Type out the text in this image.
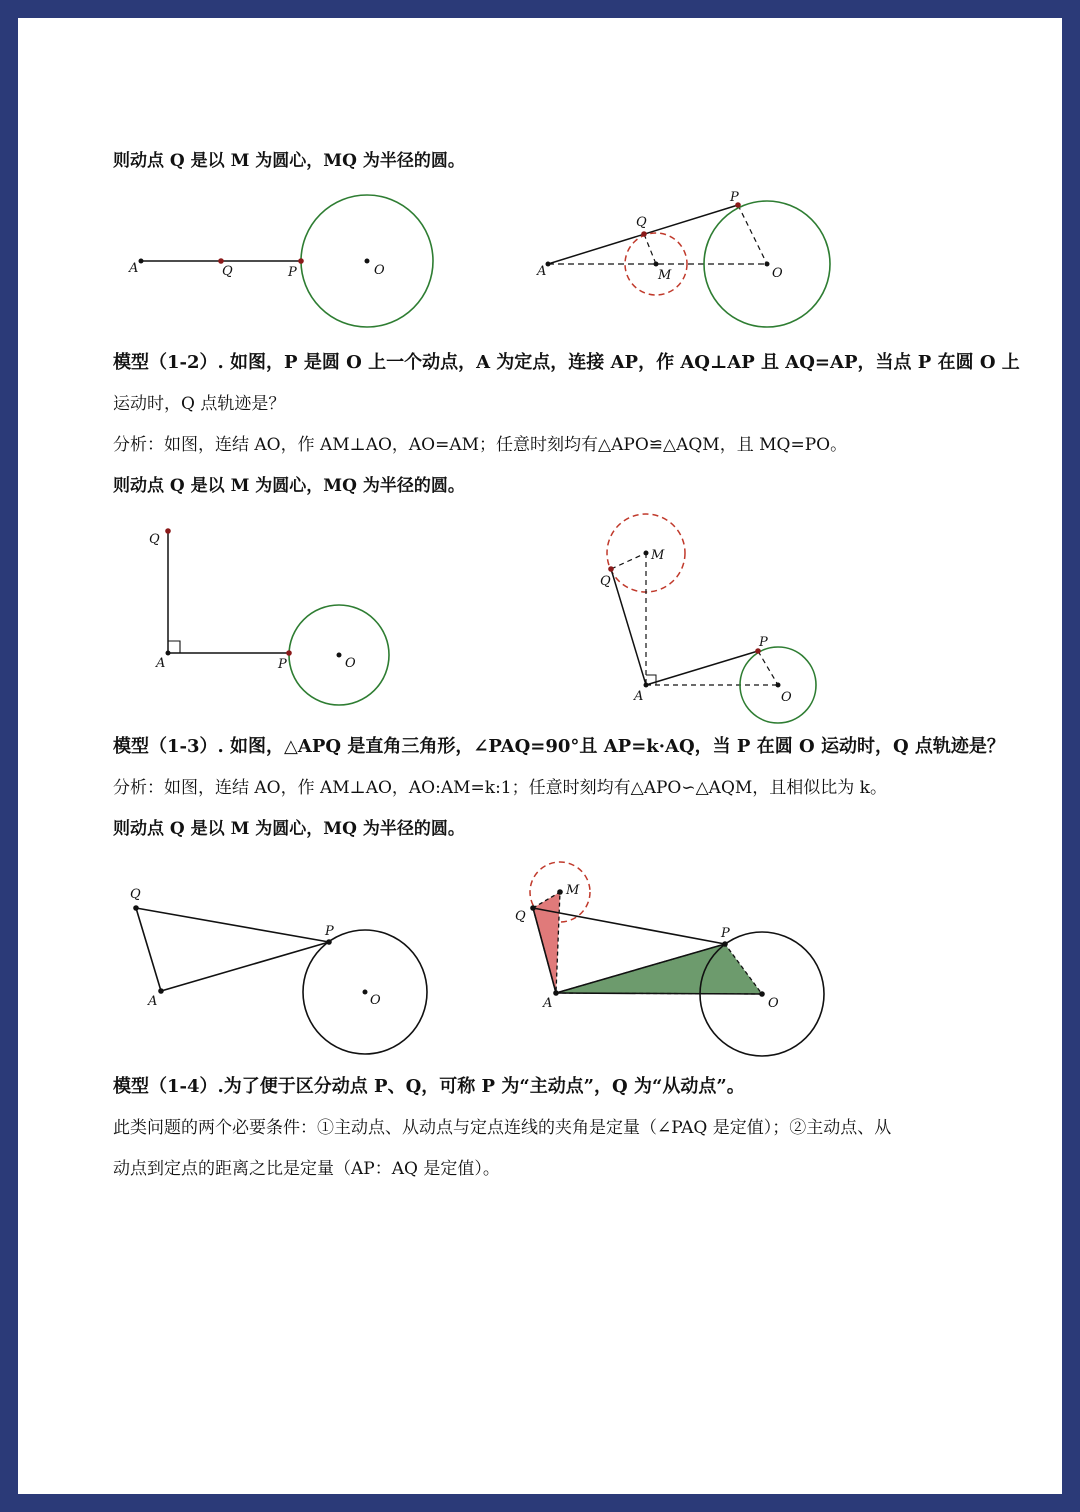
则动点 Q 是以 M 为圆心，MQ 为半径的圆。
A	Q	P	O	A
Q
P
M	O
模型（1-2）. 如图，P 是圆 O 上一个动点，A 为定点，连接 AP，作 AQ⊥AP 且 AQ=AP，当点 P 在圆 O 上
运动时，Q 点轨迹是？
分析：如图，连结 AO，作 AM⊥AO，AO=AM；任意时刻均有△APO≌△AQM，且 MQ=PO。
则动点 Q 是以 M 为圆心，MQ 为半径的圆。
Q
A	P	O
M
Q
A
P
O
模型（1-3）. 如图，△APQ 是直角三角形，∠PAQ=90°且 AP=k·AQ，当 P 在圆 O 运动时，Q 点轨迹是？
分析：如图，连结 AO，作 AM⊥AO，AO:AM=k:1；任意时刻均有△APO∽△AQM，且相似比为 k。
则动点 Q 是以 M 为圆心，MQ 为半径的圆。
Q
P
A	O
M
Q
P
A	O
模型（1-4）.为了便于区分动点 P、Q，可称 P 为“主动点”，Q 为“从动点”。
此类问题的两个必要条件：①主动点、从动点与定点连线的夹角是定量（∠PAQ 是定值）；②主动点、从
动点到定点的距离之比是定量（AP：AQ 是定值）。
